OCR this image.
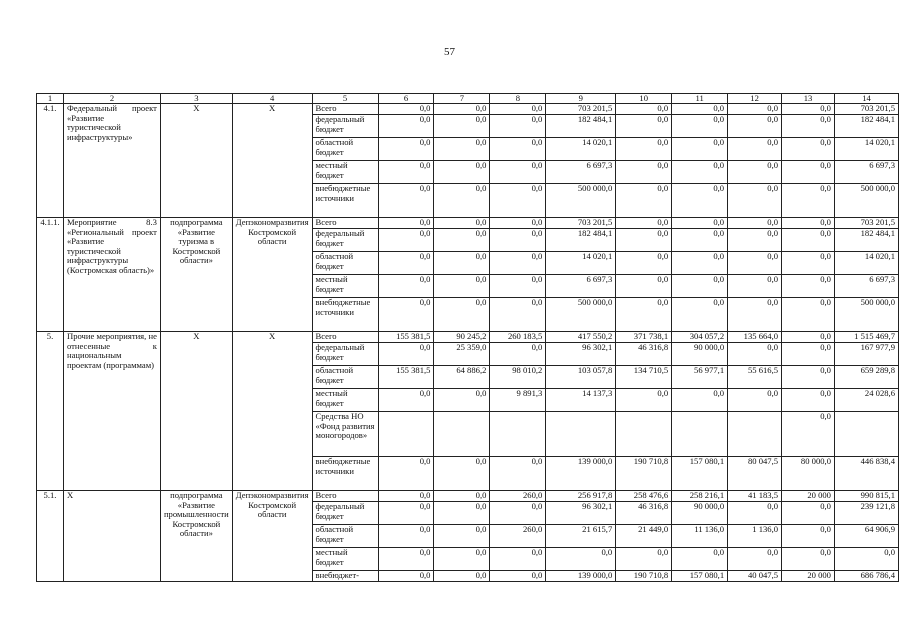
57
1	2	3	4	5	6	7	8	9	10	11	12	13	14
4.1.	Федеральный проект «Развитие туристической инфраструктуры»	Х	Х	Всего	0,0	0,0	0,0	703 201,5	0,0	0,0	0,0	0,0	703 201,5
				федеральный бюджет	0,0	0,0	0,0	182 484,1	0,0	0,0	0,0	0,0	182 484,1
				областной бюджет	0,0	0,0	0,0	14 020,1	0,0	0,0	0,0	0,0	14 020,1
				местный бюджет	0,0	0,0	0,0	6 697,3	0,0	0,0	0,0	0,0	6 697,3
				внебюджетные источники	0,0	0,0	0,0	500 000,0	0,0	0,0	0,0	0,0	500 000,0
4.1.1.	Мероприятие 8.3 «Региональный проект «Развитие туристической инфраструктуры (Костромская область)»	подпрограмма «Развитие туризма в Костромской области»	Депэкономразвития Костромской области	Всего	0,0	0,0	0,0	703 201,5	0,0	0,0	0,0	0,0	703 201,5
				федеральный бюджет	0,0	0,0	0,0	182 484,1	0,0	0,0	0,0	0,0	182 484,1
				областной бюджет	0,0	0,0	0,0	14 020,1	0,0	0,0	0,0	0,0	14 020,1
				местный бюджет	0,0	0,0	0,0	6 697,3	0,0	0,0	0,0	0,0	6 697,3
				внебюджетные источники	0,0	0,0	0,0	500 000,0	0,0	0,0	0,0	0,0	500 000,0
5.	Прочие мероприятия, не отнесенные к национальным проектам (программам)	Х	Х	Всего	155 381,5	90 245,2	260 183,5	417 550,2	371 738,1	304 057,2	135 664,0	0,0	1 515 469,7
				федеральный бюджет	0,0	25 359,0	0,0	96 302,1	46 316,8	90 000,0	0,0	0,0	167 977,9
				областной бюджет	155 381,5	64 886,2	98 010,2	103 057,8	134 710,5	56 977,1	55 616,5	0,0	659 289,8
				местный бюджет	0,0	0,0	9 891,3	14 137,3	0,0	0,0	0,0	0,0	24 028,6
				Средства НО «Фонд развития моногородов»								0,0	
				внебюджетные источники	0,0	0,0	0,0	139 000,0	190 710,8	157 080,1	80 047,5	80 000,0	446 838,4
5.1.	Х	подпрограмма «Развитие промышленности Костромской области»	Депэкономразвития Костромской области	Всего	0,0	0,0	260,0	256 917,8	258 476,6	258 216,1	41 183,5	20 000	990 815,1
				федеральный бюджет	0,0	0,0	0,0	96 302,1	46 316,8	90 000,0	0,0	0,0	239 121,8
				областной бюджет	0,0	0,0	260,0	21 615,7	21 449,0	11 136,0	1 136,0	0,0	64 906,9
				местный бюджет	0,0	0,0	0,0	0,0	0,0	0,0	0,0	0,0	0,0
				внебюджет-	0,0	0,0	0,0	139 000,0	190 710,8	157 080,1	40 047,5	20 000	686 786,4
